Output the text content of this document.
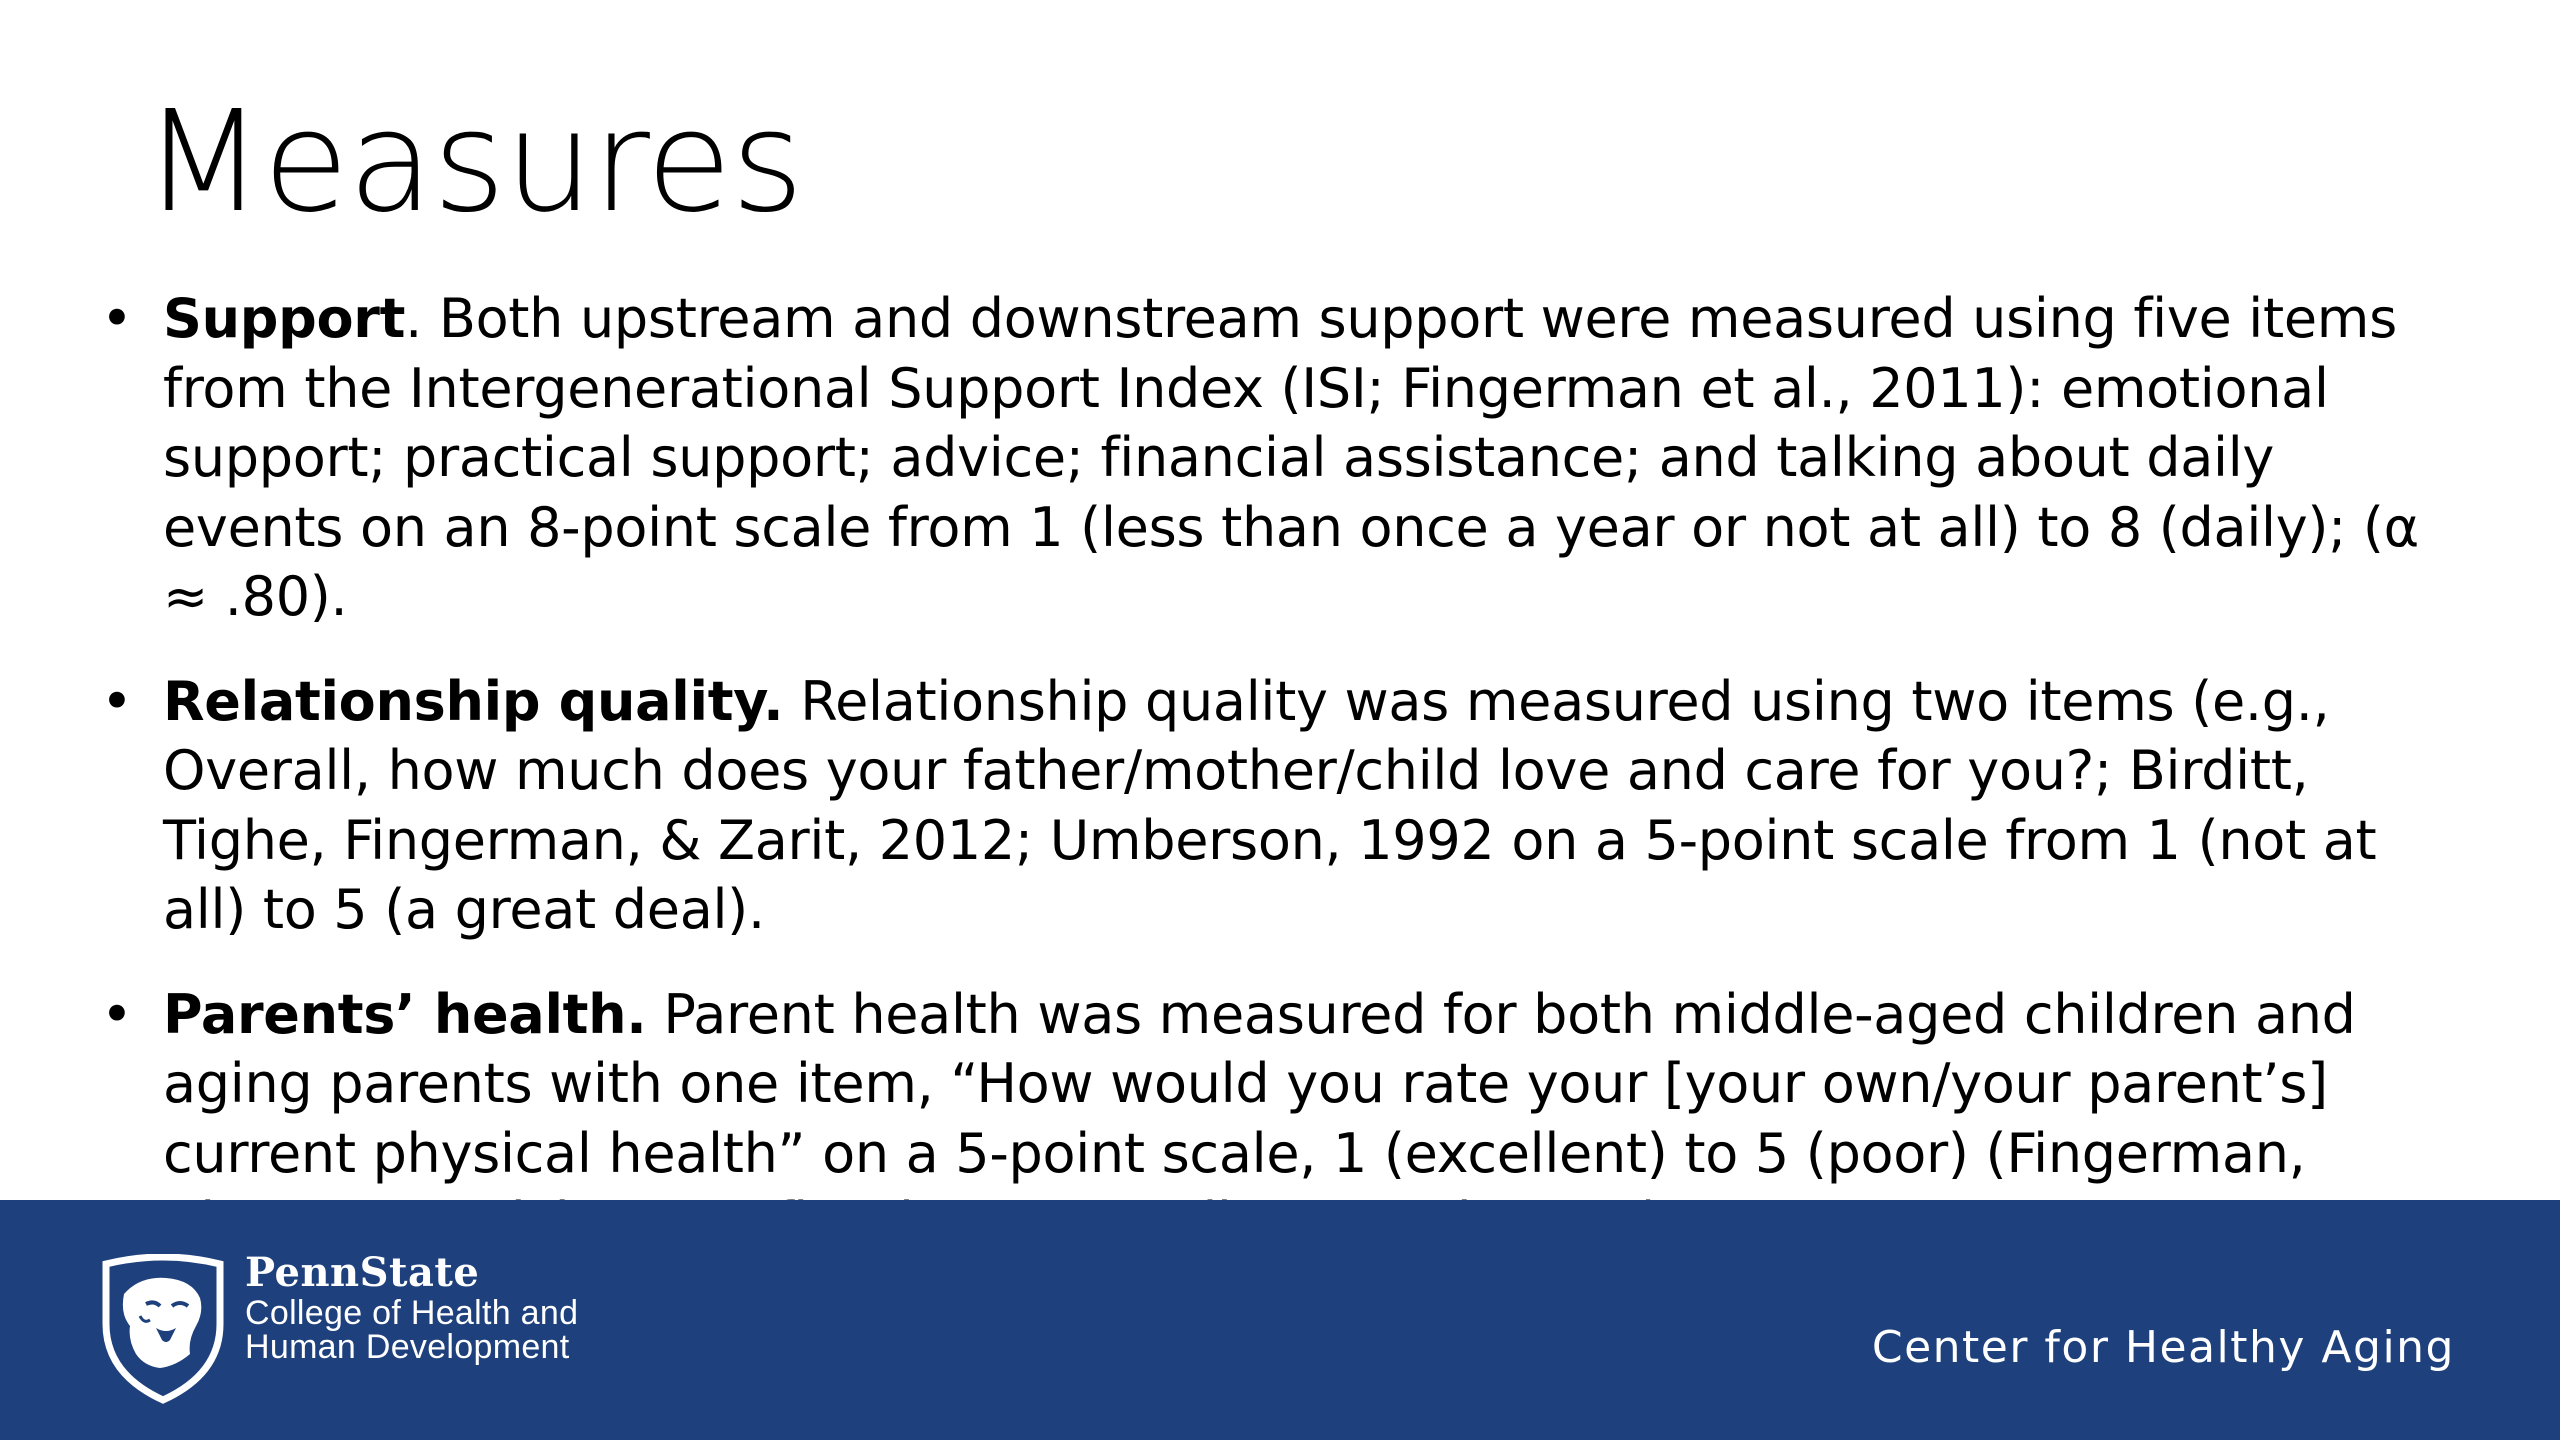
Measures
• Support. Both upstream and downstream support were measured using five items from the Intergenerational Support Index (ISI; Fingerman et al., 2011): emotional support; practical support; advice; financial assistance; and talking about daily events on an 8-point scale from 1 (less than once a year or not at all) to 8 (daily); (α ≈ .80).
• Relationship quality. Relationship quality was measured using two items (e.g., Overall, how much does your father/mother/child love and care for you?; Birditt, Tighe, Fingerman, & Zarit, 2012; Umberson, 1992 on a 5-point scale from 1 (not at all) to 5 (a great deal).
• Parents’ health. Parent health was measured for both middle-aged children and aging parents with one item, “How would you rate your [your own/your parent’s] current physical health” on a 5-point scale, 1 (excellent) to 5 (poor) (Fingerman,
PennState
College of Health and
Human Development	Center for Healthy Aging
